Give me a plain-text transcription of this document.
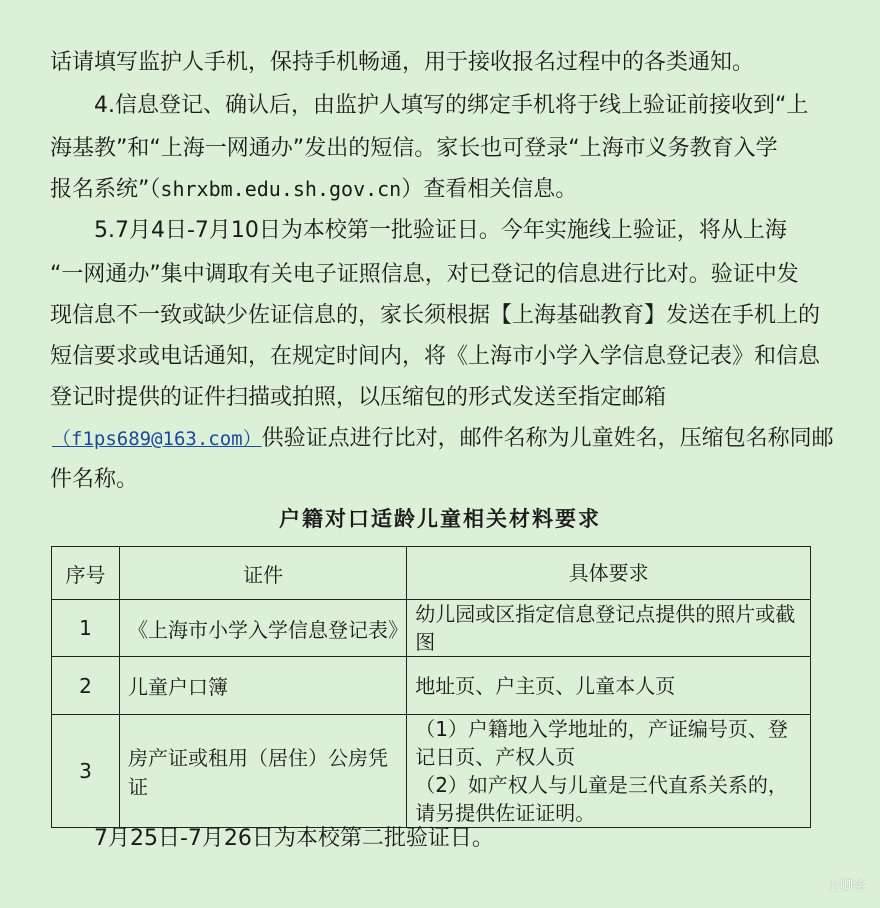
话请填写监护人手机，保持手机畅通，用于接收报名过程中的各类通知。

4.信息登记、确认后，由监护人填写的绑定手机将于线上验证前接收到“上

海基教”和“上海一网通办”发出的短信。家长也可登录“上海市义务教育入学

报名系统”（shrxbm.edu.sh.gov.cn）查看相关信息。

5.7月4日-7月10日为本校第一批验证日。今年实施线上验证，将从上海

“一网通办”集中调取有关电子证照信息，对已登记的信息进行比对。验证中发

现信息不一致或缺少佐证信息的，家长须根据【上海基础教育】发送在手机上的

短信要求或电话通知，在规定时间内，将《上海市小学入学信息登记表》和信息

登记时提供的证件扫描或拍照，以压缩包的形式发送至指定邮箱

（f1ps689@163.com）供验证点进行比对，邮件名称为儿童姓名，压缩包名称同邮

件名称。

户籍对口适龄儿童相关材料要求
序号	证件	具体要求
1	《上海市小学入学信息登记表》	幼儿园或区指定信息登记点提供的照片或截图
2	儿童户口簿	地址页、户主页、儿童本人页
3	房产证或租用（居住）公房凭证	（1）户籍地入学地址的，产证编号页、登记日页、产权人页
（2）如产权人与儿童是三代直系关系的，请另提供佐证证明。

7月25日-7月26日为本校第二批验证日。

上卿学
